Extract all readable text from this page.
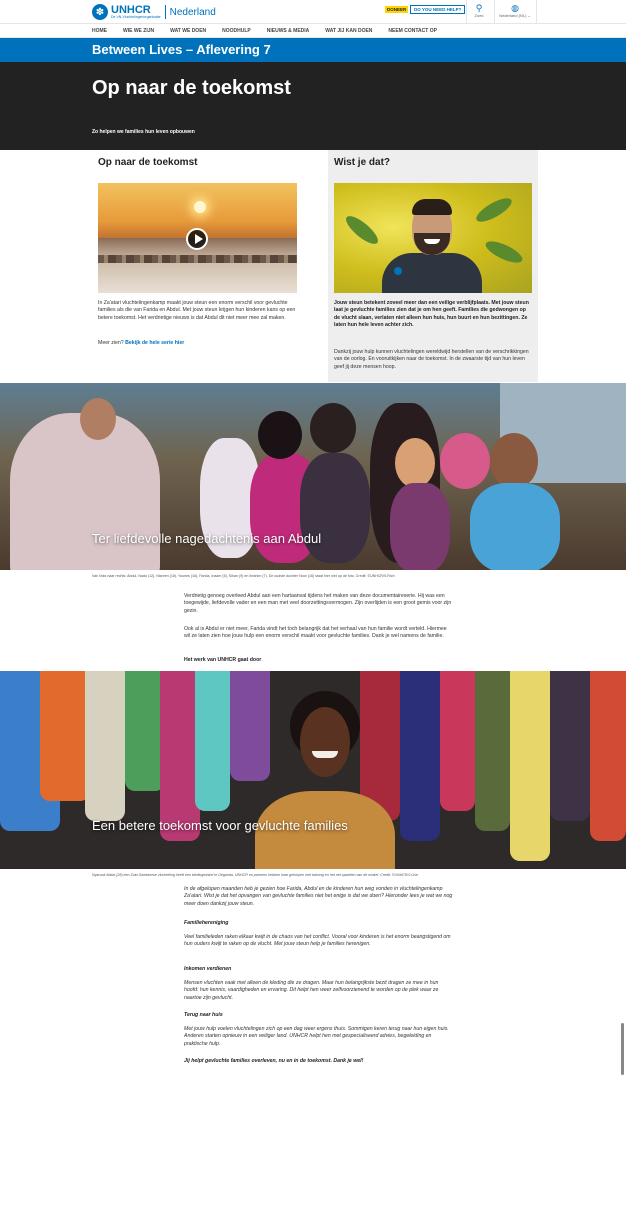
✽ UNHCR
De VN-Vluchtelingenorganisatie Nederland	DONEER	DO YOU NEED HELP?	⚲
Zoek
◍
Nederland (NL) ⌄
HOME	WIE WE ZIJN	WAT WE DOEN	NOODHULP	NIEUWS & MEDIA	WAT JIJ KAN DOEN	NEEM CONTACT OP
Between Lives – Aflevering 7
Op naar de toekomst
Zo helpen we families hun leven opbouwen
Op naar de toekomst
In Za'atari vluchtelingenkamp maakt jouw steun een enorm verschil voor gevluchte families als die van Farida en Abdul. Met jouw steun krijgen hun kinderen kans op een betere toekomst. Het verdrietige nieuws is dat Abdul dit niet meer mee zal maken.
Meer zien? Bekijk de hele serie hier
Wist je dat?
Jouw steun betekent zoveel meer dan een veilige verblijfplaats. Met jouw steun laat je gevluchte families zien dat je om hen geeft. Families die gedwongen op de vlucht slaan, verlaten niet alleen hun huis, hun buurt en hun bezittingen. Ze laten hun hele leven achter zich.
Dankzij jouw hulp kunnen vluchtelingen wereldwijd herstellen van de verschrikkingen van de oorlog. En vooruitkijken naar de toekomst. In de zwaarste tijd van hun leven geef jij deze mensen hoop.
Ter liefdevolle nagedachtenis aan Abdul
Van links naar rechts: Abdul, Nada (12), Nisreen (18), Younes (16), Farida, Inaam (5), Sihan (9) en Ibrahim (7). De oudste dochter Noor (16) staat hier niet op de foto. Credit: ©UNHCR/S.Rich
Verdrietig genoeg overleed Abdul aan een hartaanval tijdens het maken van deze documentaireserie. Hij was een toegewijde, liefdevolle vader en een man met veel doorzettingsvermogen. Zijn overlijden is een groot gemis voor zijn gezin.
Ook al is Abdul er niet meer, Farida vindt het toch belangrijk dat het verhaal van hun familie wordt verteld. Hiermee wil ze laten zien hoe jouw hulp een enorm verschil maakt voor gevluchte families. Dank je wel namens de familie.
Het werk van UNHCR gaat door
Een betere toekomst voor gevluchte families
Nyaruok Matai (28) een Zuid-Soedanese vluchteling heeft een kledingwinkel in Oeganda. UNHCR en partners hebben haar geholpen met training en het net opzetten van de winkel. Credit: ©UNHCR/J.Ose
In de afgelopen maanden heb je gezien hoe Farida, Abdul en de kinderen hun weg vonden in vluchtelingenkamp Za'atari. Wist je dat het opvangen van gevluchte families niet het enige is dat we doen? Hieronder lees je wat we nog meer doen dankzij jouw steun.
Familiehereniging
Veel familieleden raken elkaar kwijt in de chaos van het conflict. Vooral voor kinderen is het enorm beangstigend om hun ouders kwijt te raken op de vlucht. Met jouw steun help je families herenigen.
Inkomen verdienen
Mensen vluchten vaak met alleen de kleding die ze dragen. Maar hun belangrijkste bezit dragen ze mee in hun hoofd: hun kennis, vaardigheden en ervaring. Dit helpt hen weer zelfvoorzienend te worden op de plek waar ze naartoe zijn gevlucht.
Terug naar huis
Met jouw hulp voelen vluchtelingen zich op een dag weer ergens thuis. Sommigen keren terug naar hun eigen huis. Anderen starten opnieuw in een veiliger land. UNHCR helpt hen met gespecialiseerd advies, begeleiding en praktische hulp.
Jij helpt gevluchte families overleven, nu en in de toekomst. Dank je wel!
